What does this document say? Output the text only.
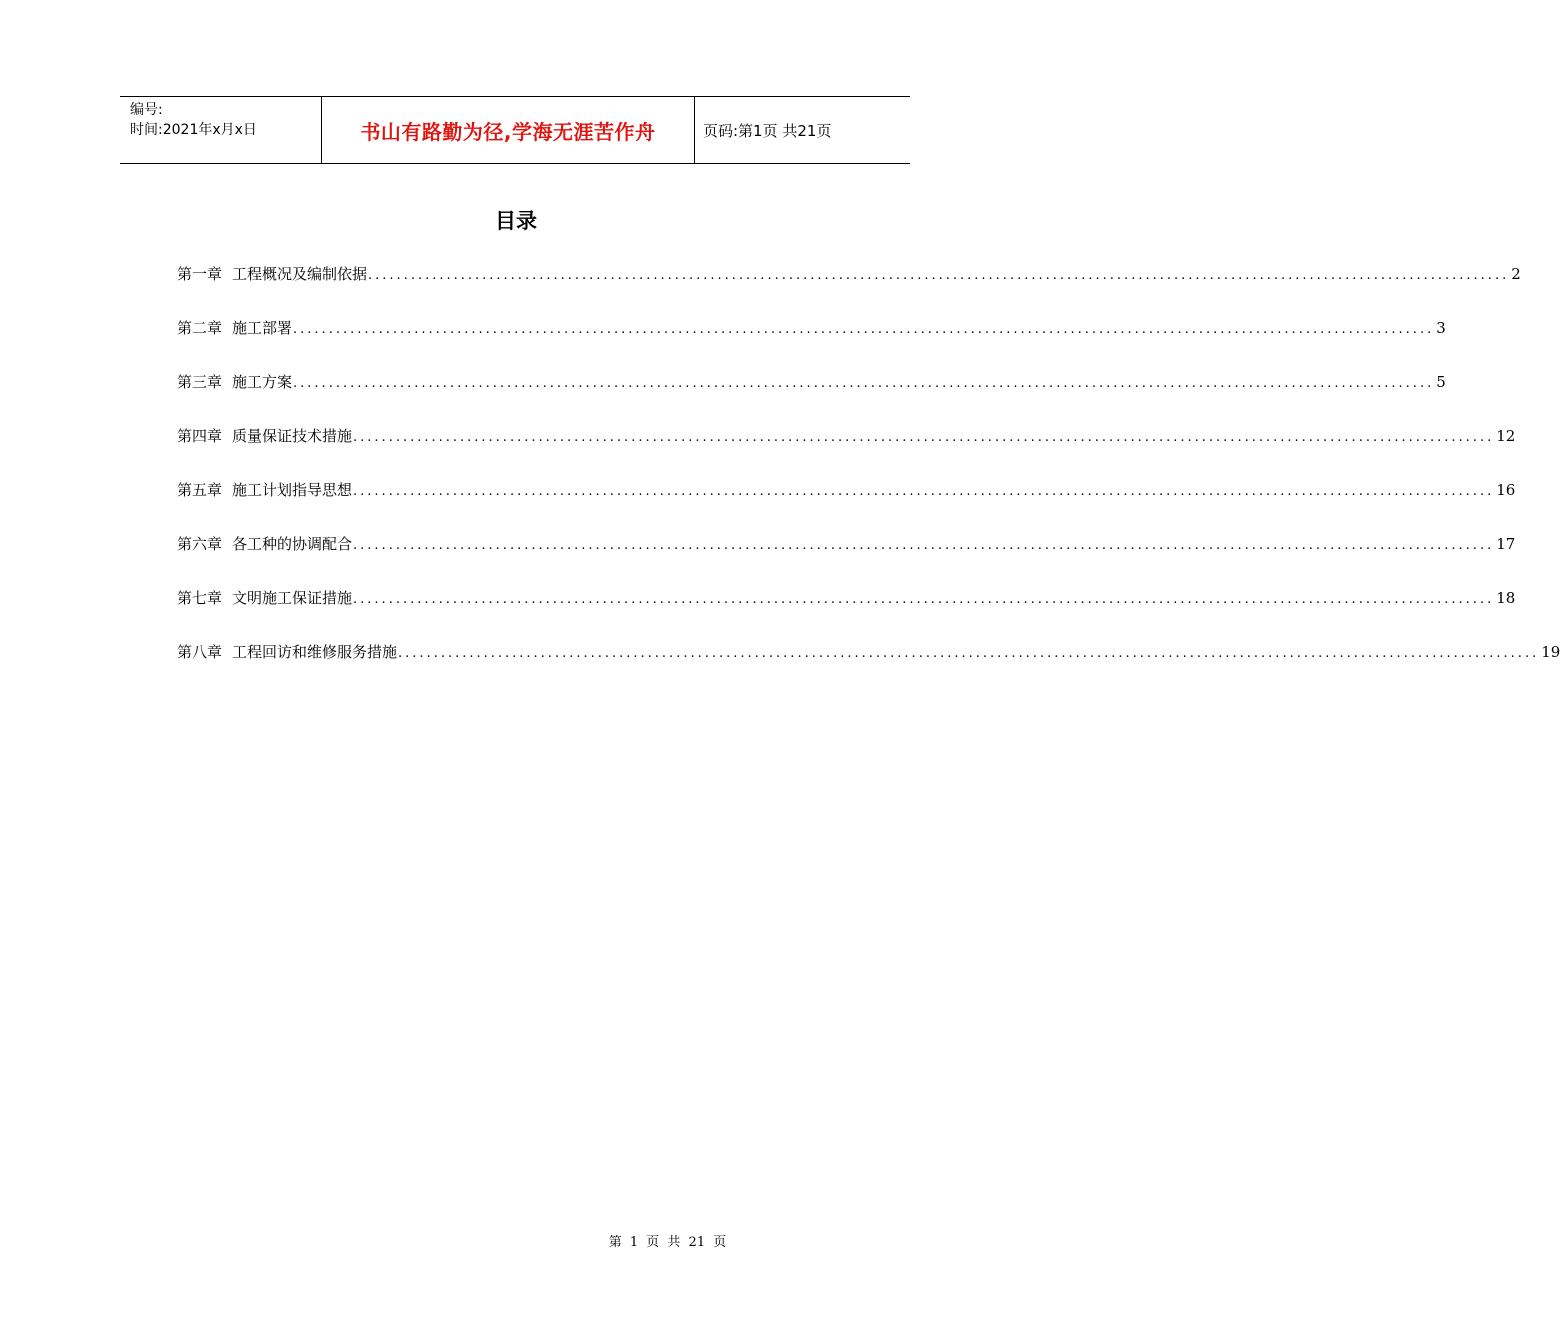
编号:
时间:2021年x月x日	书山有路勤为径,学海无涯苦作舟	页码:第1页 共21页
目录
第一章 工程概况及编制依据 ................................................................................................................................................................ 2
第二章 施工部署 ................................................................................................................................................................ 3
第三章 施工方案 ................................................................................................................................................................ 5
第四章 质量保证技术措施 ................................................................................................................................................................ 12
第五章 施工计划指导思想 ................................................................................................................................................................ 16
第六章 各工种的协调配合 ................................................................................................................................................................ 17
第七章 文明施工保证措施 ................................................................................................................................................................ 18
第八章 工程回访和维修服务措施 ................................................................................................................................................................ 19
第 1 页 共 21 页
